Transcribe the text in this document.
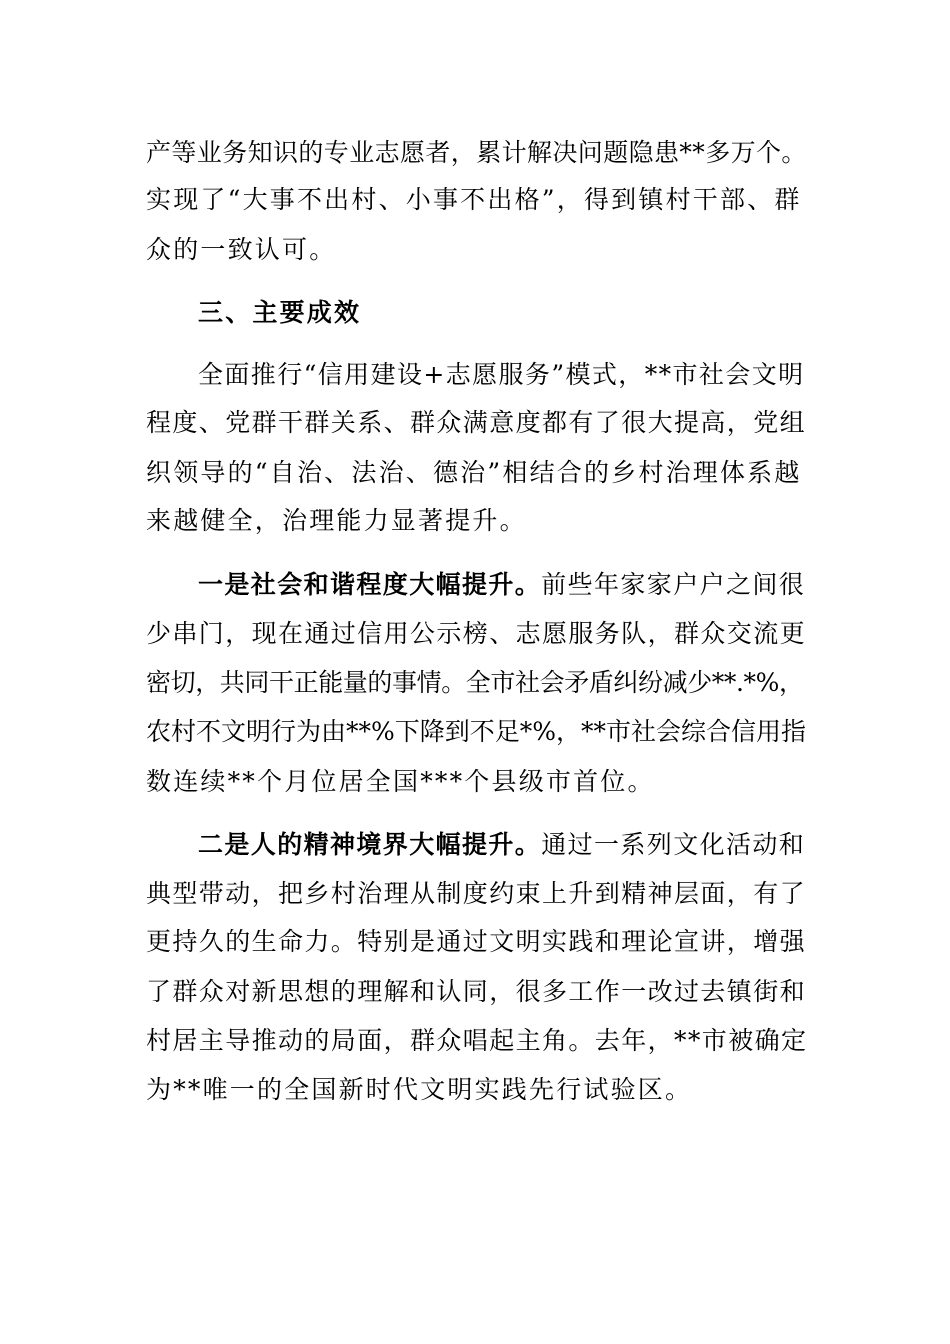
产等业务知识的专业志愿者，累计解决问题隐患**多万个。
实现了“大事不出村、小事不出格”，得到镇村干部、群
众的一致认可。
三、主要成效
全面推行“信用建设+志愿服务”模式，**市社会文明
程度、党群干群关系、群众满意度都有了很大提高，党组
织领导的“自治、法治、德治”相结合的乡村治理体系越
来越健全，治理能力显著提升。
一是社会和谐程度大幅提升。前些年家家户户之间很
少串门，现在通过信用公示榜、志愿服务队，群众交流更
密切，共同干正能量的事情。全市社会矛盾纠纷减少**.*%，
农村不文明行为由**%下降到不足*%，**市社会综合信用指
数连续**个月位居全国***个县级市首位。
二是人的精神境界大幅提升。通过一系列文化活动和
典型带动，把乡村治理从制度约束上升到精神层面，有了
更持久的生命力。特别是通过文明实践和理论宣讲，增强
了群众对新思想的理解和认同，很多工作一改过去镇街和
村居主导推动的局面，群众唱起主角。去年，**市被确定
为**唯一的全国新时代文明实践先行试验区。
